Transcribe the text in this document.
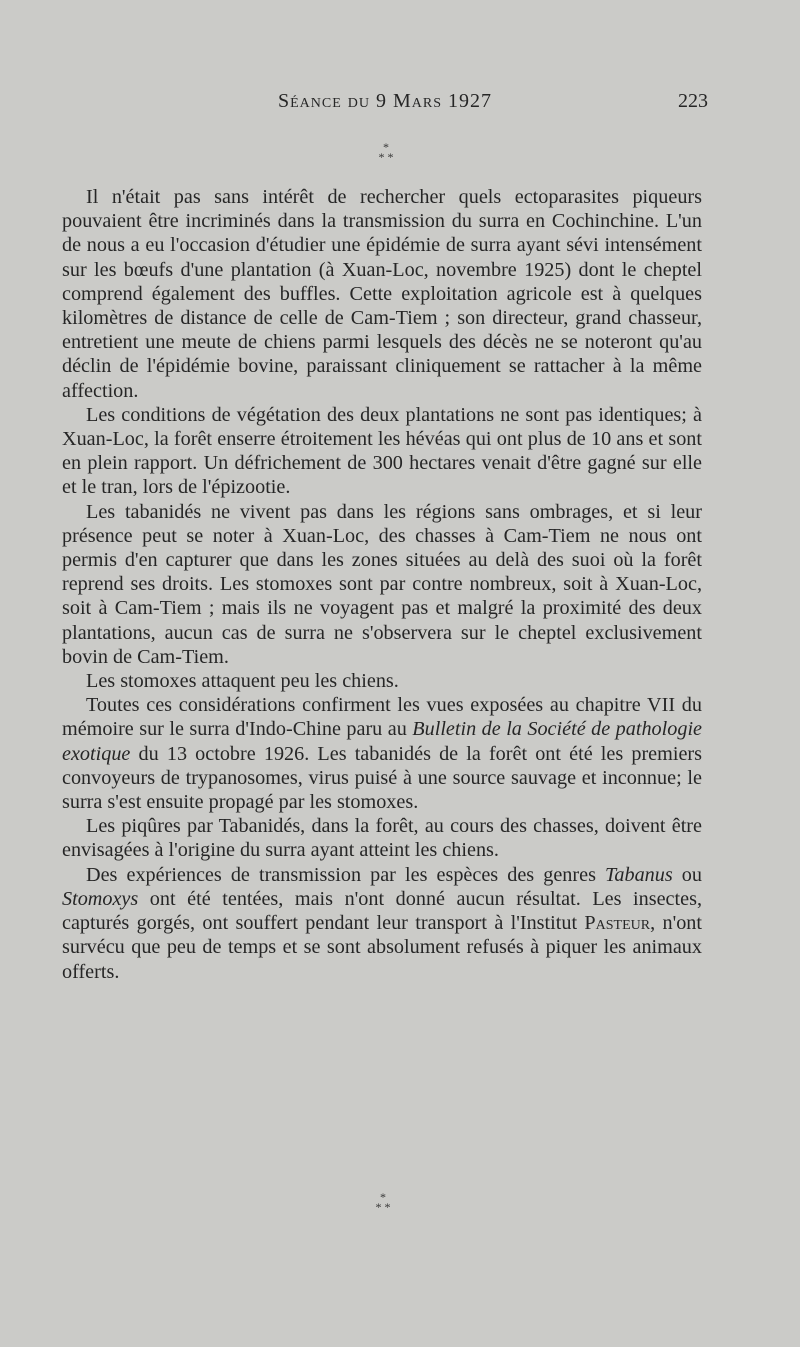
Séance du 9 Mars 1927	223
*
* *

Il n'était pas sans intérêt de rechercher quels ectoparasites piqueurs pouvaient être incriminés dans la transmission du surra en Cochinchine. L'un de nous a eu l'occasion d'étudier une épidémie de surra ayant sévi intensément sur les bœufs d'une plantation (à Xuan-Loc, novembre 1925) dont le cheptel comprend également des buffles. Cette exploitation agricole est à quelques kilomètres de distance de celle de Cam-Tiem ; son directeur, grand chasseur, entretient une meute de chiens parmi lesquels des décès ne se noteront qu'au déclin de l'épidémie bovine, paraissant cliniquement se rattacher à la même affection.

Les conditions de végétation des deux plantations ne sont pas identiques; à Xuan-Loc, la forêt enserre étroitement les hévéas qui ont plus de 10 ans et sont en plein rapport. Un défrichement de 300 hectares venait d'être gagné sur elle et le tran, lors de l'épizootie.

Les tabanidés ne vivent pas dans les régions sans ombrages, et si leur présence peut se noter à Xuan-Loc, des chasses à Cam-Tiem ne nous ont permis d'en capturer que dans les zones situées au delà des suoi où la forêt reprend ses droits. Les stomoxes sont par contre nombreux, soit à Xuan-Loc, soit à Cam-Tiem ; mais ils ne voyagent pas et malgré la proximité des deux plantations, aucun cas de surra ne s'observera sur le cheptel exclusivement bovin de Cam-Tiem.

Les stomoxes attaquent peu les chiens.

Toutes ces considérations confirment les vues exposées au chapitre VII du mémoire sur le surra d'Indo-Chine paru au Bulletin de la Société de pathologie exotique du 13 octobre 1926. Les tabanidés de la forêt ont été les premiers convoyeurs de trypanosomes, virus puisé à une source sauvage et inconnue; le surra s'est ensuite propagé par les stomoxes.

Les piqûres par Tabanidés, dans la forêt, au cours des chasses, doivent être envisagées à l'origine du surra ayant atteint les chiens.

Des expériences de transmission par les espèces des genres Tabanus ou Stomoxys ont été tentées, mais n'ont donné aucun résultat. Les insectes, capturés gorgés, ont souffert pendant leur transport à l'Institut Pasteur, n'ont survécu que peu de temps et se sont absolument refusés à piquer les animaux offerts.

*
* *
